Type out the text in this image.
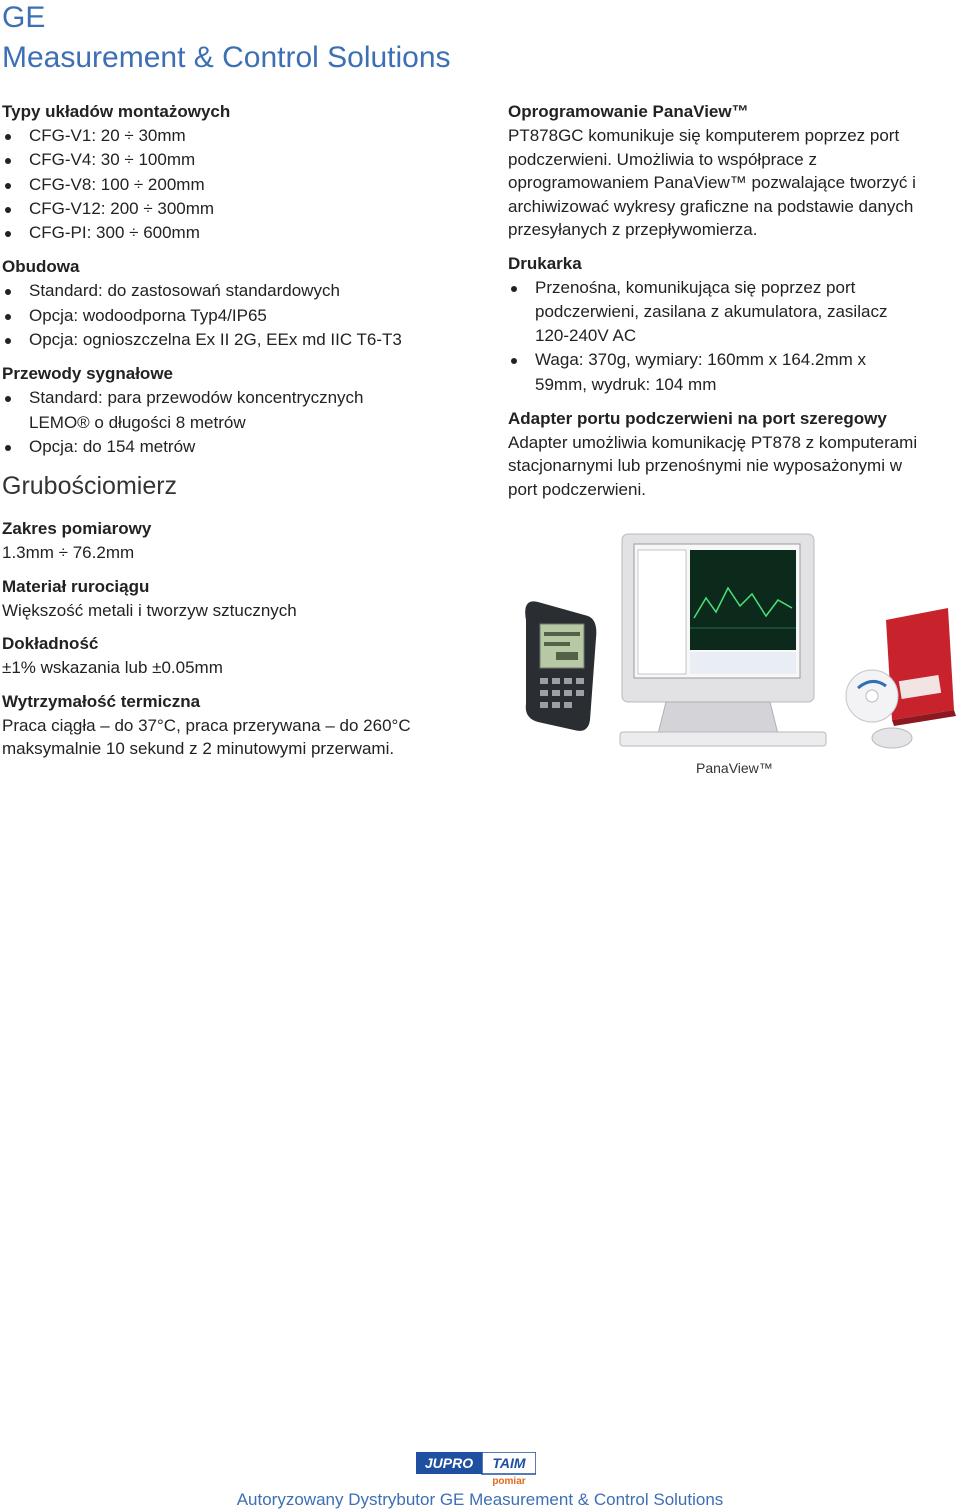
GE
Measurement & Control Solutions

Typy układów montażowych

CFG-V1: 20 ÷ 30mm
CFG-V4: 30 ÷ 100mm
CFG-V8: 100 ÷ 200mm
CFG-V12: 200 ÷ 300mm
CFG-PI: 300 ÷ 600mm

Obudowa

Standard: do zastosowań standardowych
Opcja: wodoodporna Typ4/IP65
Opcja: ognioszczelna Ex II 2G, EEx md IIC T6-T3

Przewody sygnałowe

Standard: para przewodów koncentrycznych
LEMO® o długości 8 metrów
Opcja: do 154 metrów
Grubościomierz

Zakres pomiarowy

1.3mm ÷ 76.2mm

Materiał rurociągu

Większość metali i tworzyw sztucznych

Dokładność

±1% wskazania lub ±0.05mm

Wytrzymałość termiczna

Praca ciągła – do 37°C, praca przerywana – do 260°C

maksymalnie 10 sekund z 2 minutowymi przerwami.

Oprogramowanie PanaView™

PT878GC komunikuje się komputerem poprzez port

podczerwieni. Umożliwia to współprace z

oprogramowaniem PanaView™ pozwalające tworzyć i

archiwizować wykresy graficzne na podstawie danych

przesyłanych z przepływomierza.

Drukarka

Przenośna, komunikująca się poprzez port
podczerwieni, zasilana z akumulatora, zasilacz
120-240V AC
Waga: 370g, wymiary: 160mm x 164.2mm x
59mm, wydruk: 104 mm

Adapter portu podczerwieni na port szeregowy

Adapter umożliwia komunikację PT878 z komputerami

stacjonarnymi lub przenośnymi nie wyposażonymi w

port podczerwieni.

PanaView™
JUPRO TAIM
pomiar
Autoryzowany Dystrybutor GE Measurement & Control Solutions
